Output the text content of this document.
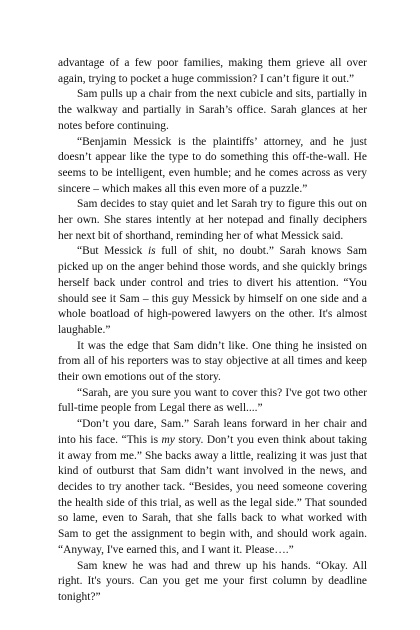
advantage of a few poor families, making them grieve all over again, trying to pocket a huge commission? I can’t figure it out.”

Sam pulls up a chair from the next cubicle and sits, partially in the walkway and partially in Sarah’s office. Sarah glances at her notes before continuing.

“Benjamin Messick is the plaintiffs’ attorney, and he just doesn’t appear like the type to do something this off-the-wall. He seems to be intelligent, even humble; and he comes across as very sincere – which makes all this even more of a puzzle.”

Sam decides to stay quiet and let Sarah try to figure this out on her own. She stares intently at her notepad and finally deciphers her next bit of shorthand, reminding her of what Messick said.

“But Messick is full of shit, no doubt.” Sarah knows Sam picked up on the anger behind those words, and she quickly brings herself back under control and tries to divert his attention. “You should see it Sam – this guy Messick by himself on one side and a whole boatload of high-powered lawyers on the other. It's almost laughable.”

It was the edge that Sam didn’t like. One thing he insisted on from all of his reporters was to stay objective at all times and keep their own emotions out of the story.

“Sarah, are you sure you want to cover this? I've got two other full-time people from Legal there as well....”

“Don’t you dare, Sam.” Sarah leans forward in her chair and into his face. “This is my story. Don’t you even think about taking it away from me.” She backs away a little, realizing it was just that kind of outburst that Sam didn’t want involved in the news, and decides to try another tack. “Besides, you need someone covering the health side of this trial, as well as the legal side.” That sounded so lame, even to Sarah, that she falls back to what worked with Sam to get the assignment to begin with, and should work again. “Anyway, I've earned this, and I want it. Please….”

Sam knew he was had and threw up his hands. “Okay. All right. It's yours. Can you get me your first column by deadline tonight?”
